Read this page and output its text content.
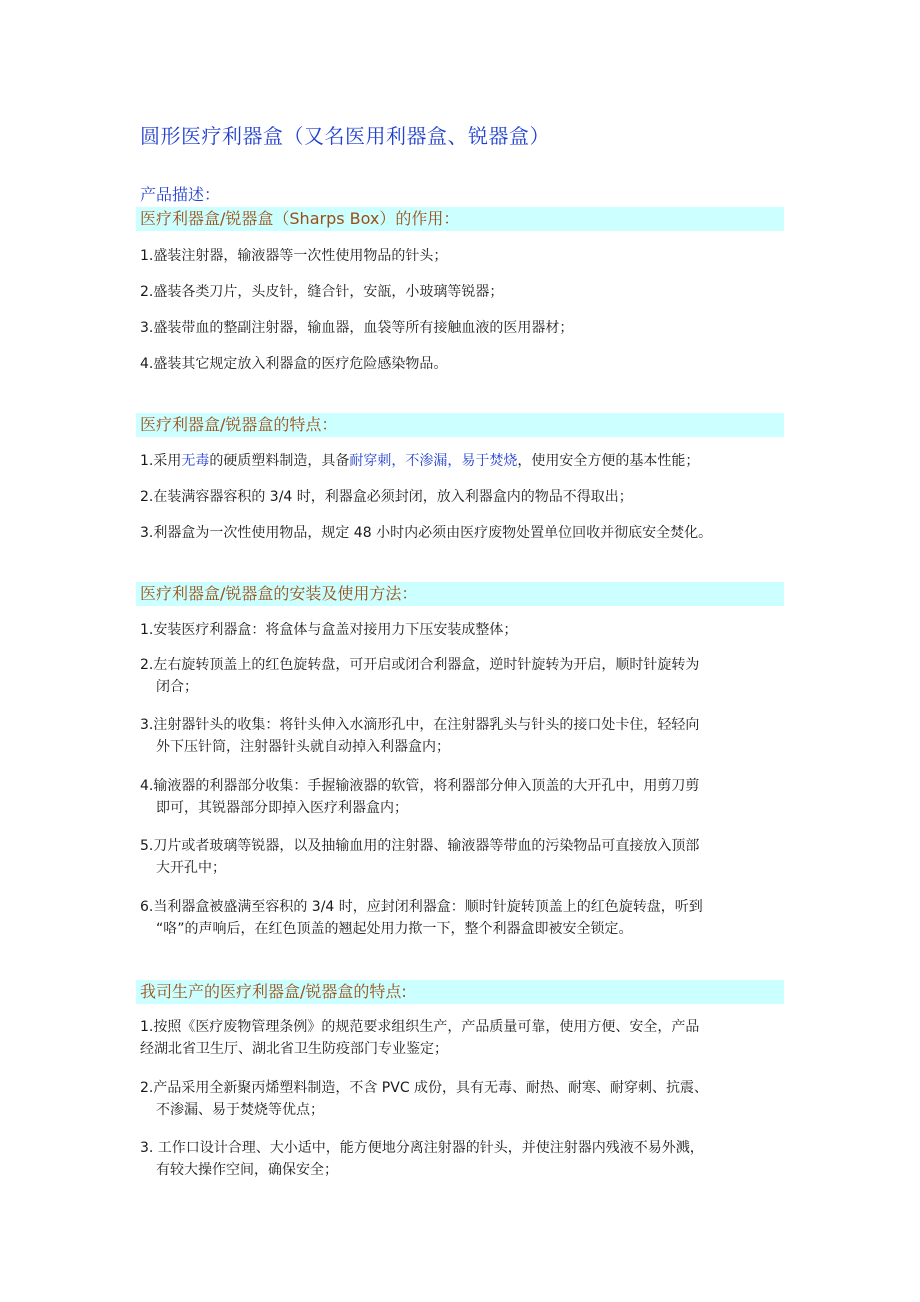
圆形医疗利器盒（又名医用利器盒、锐器盒）
产品描述：
医疗利器盒/锐器盒（Sharps Box）的作用：
1.盛装注射器，输液器等一次性使用物品的针头；
2.盛装各类刀片，头皮针，缝合针，安瓿，小玻璃等锐器；
3.盛装带血的整副注射器，输血器，血袋等所有接触血液的医用器材；
4.盛装其它规定放入利器盒的医疗危险感染物品。
医疗利器盒/锐器盒的特点：
1.采用无毒的硬质塑料制造，具备耐穿刺，不渗漏，易于焚烧，使用安全方便的基本性能；
2.在装满容器容积的 3/4 时，利器盒必须封闭，放入利器盒内的物品不得取出；
3.利器盒为一次性使用物品，规定 48 小时内必须由医疗废物处置单位回收并彻底安全焚化。
医疗利器盒/锐器盒的安装及使用方法：
1.安装医疗利器盒：将盒体与盒盖对接用力下压安装成整体；
2.左右旋转顶盖上的红色旋转盘，可开启或闭合利器盒，逆时针旋转为开启，顺时针旋转为
闭合；
3.注射器针头的收集：将针头伸入水滴形孔中，在注射器乳头与针头的接口处卡住，轻轻向
外下压针筒，注射器针头就自动掉入利器盒内；
4.输液器的利器部分收集：手握输液器的软管，将利器部分伸入顶盖的大开孔中，用剪刀剪
即可，其锐器部分即掉入医疗利器盒内；
5.刀片或者玻璃等锐器，以及抽输血用的注射器、输液器等带血的污染物品可直接放入顶部
大开孔中；
6.当利器盒被盛满至容积的 3/4 时，应封闭利器盒：顺时针旋转顶盖上的红色旋转盘，听到
“咯”的声响后，在红色顶盖的翘起处用力揿一下，整个利器盒即被安全锁定。
我司生产的医疗利器盒/锐器盒的特点:
1.按照《医疗废物管理条例》的规范要求组织生产，产品质量可靠，使用方便、安全，产品
经湖北省卫生厅、湖北省卫生防疫部门专业鉴定；
2.产品采用全新聚丙烯塑料制造，不含 PVC 成份，具有无毒、耐热、耐寒、耐穿刺、抗震、
不渗漏、易于焚烧等优点；
3. 工作口设计合理、大小适中，能方便地分离注射器的针头，并使注射器内残液不易外溅，
有较大操作空间，确保安全；
